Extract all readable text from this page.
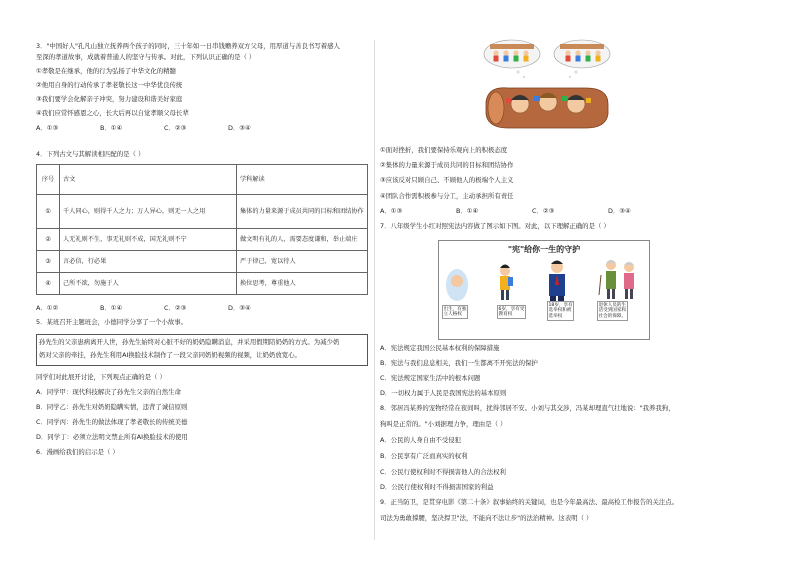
3．"中国好人"孔凡山独立抚养两个孩子的同时，三十年如一日串钱赡养双方父母，用厚道与善良书写着感人
至深的孝道故事，成就着普通人的坚守与传承。对此，下列认识正确的是（ ）
①孝敬是在继承，他的行为弘扬了中华文化的精髓
②他用自身的行动传承了孝老敬长这一中华优良传统
③我们要学会化解亲子冲突，努力建设和谐美好家庭
④我们应常怀感恩之心，长大后再以自觉孝顺父母长辈
A．①③	B．①④	C．②③	D．③④
4．下列古文与其解读相匹配的是（ ）
序号	古文	学科解读
①	千人同心，则得千人之力；万人异心，则无一人之用	集体的力量来源于成员共同的目标和团结协作
②	人无礼则不生，事无礼则不成，国无礼则不宁	做文明有礼的人，需要态度谦和，举止端庄
③	言必信，行必果	严于律己，宽以待人
④	己所不欲，勿施于人	换位思考，尊重他人
A．①②	B．①④	C．②③	D．③④
5．某班召开主题班会，小德同学分享了一个小故事。
孙先生的父亲患病离开人世，孙先生始终对心脏不好的奶奶隐瞒消息，并采用假期陪奶奶的方式。为减少奶
奶对父亲的牵挂，孙先生利用AI换脸技术制作了一段父亲同奶奶视频的视频，让奶奶放宽心。
同学们对此展开讨论，下列观点正确的是（ ）
A．同学甲：现代科技解决了孙先生父亲的自然生命
B．同学乙：孙先生对奶奶隐瞒实情，违背了诚信原则
C．同学丙：孙先生的做法体现了孝老敬长的传统美德
D．同学丁：必须立法明文禁止所有AI换脸技术的使用
6．漫画给我们的启示是（ ）
①面对挫折，我们要保持乐观向上的积极态度
②集体的力量来源于成员共同的目标和团结协作
③应该反对只顾自己、不顾他人的极端个人主义
④团队合作需积极参与分工，主动承担所有责任
A．①③	B．①④	C．②③	D．③④
7．八年级学生小红对照宪法内容做了图示如下图。对此，以下理解正确的是（ ）
"宪"给你一生的守护
出生，有独
立人格权
6岁，享有受
教育权
18岁，享有
选举权和被
选举权
退休人员的生
活受到国家和
社会的保障。
A．宪法规定我国公民基本权利的保障措施
B．宪法与我们息息相关，我们一生都离不开宪法的保护
C．宪法规定国家生活中的根本问题
D．一切权力属于人民是我国宪法的基本原则
8．邻居冯某养的宠物经常在夜间叫，扰得邻居不安。小刘与其交涉，冯某却理直气壮地说："我养我狗，
狗叫是正常的。"小刘据理力争，理由是（ ）
A．公民的人身自由不受侵犯
B．公民享有广泛而真实的权利
C．公民行使权利时不得损害他人的合法权利
D．公民行使权利时不得损害国家的利益
9．正当防卫，是贯穿电影《第二十条》叙事始终的关键词，也是今年最高法、最高检工作报告的关注点。
司法为勇敢撑腰，坚决捍卫"法，不能向不法让步"的法治精神。这表明（ ）
